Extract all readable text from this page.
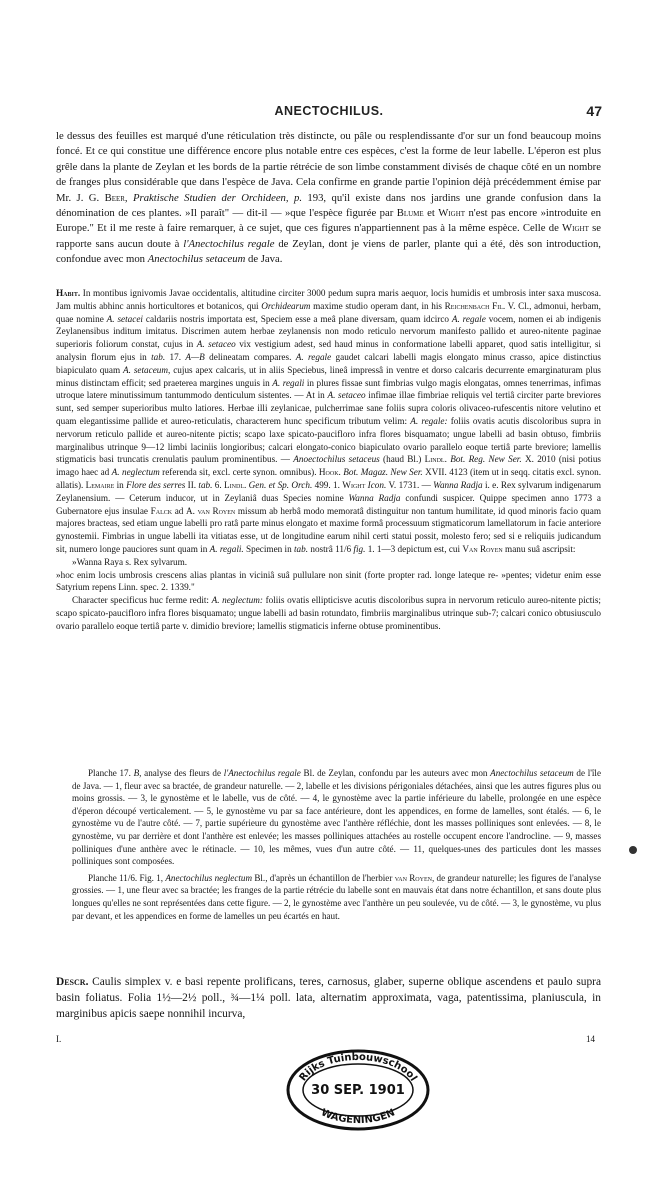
ANECTOCHILUS.	47

le dessus des feuilles est marqué d'une réticulation très distincte, ou pâle ou resplendissante d'or sur un fond beaucoup moins foncé. Et ce qui constitue une différence encore plus notable entre ces espèces, c'est la forme de leur labelle. L'éperon est plus grêle dans la plante de Zeylan et les bords de la partie rétrécie de son limbe constamment divisés de chaque côté en un nombre de franges plus considérable que dans l'espèce de Java. Cela confirme en grande partie l'opinion déjà précédemment émise par Mr. J. G. Beer, Praktische Studien der Orchideen, p. 193, qu'il existe dans nos jardins une grande confusion dans la dénomination de ces plantes. »Il paraît" — dit-il — »que l'espèce figurée par Blume et Wight n'est pas encore »introduite en Europe." Et il me reste à faire remarquer, à ce sujet, que ces figures n'appartiennent pas à la même espèce. Celle de Wight se rapporte sans aucun doute à l'Anectochilus regale de Zeylan, dont je viens de parler, plante qui a été, dès son introduction, confondue avec mon Anectochilus setaceum de Java.

Habit. In montibus ignivomis Javae occidentalis, altitudine circiter 3000 pedum supra maris aequor, locis humidis et umbrosis inter saxa muscosa. Jam multis abhinc annis horticultores et botanicos, qui Orchidearum maxime studio operam dant, in his Reichenbach Fil. V. Cl., admonui, herbam, quae nomine A. setacei caldariis nostris importata est, Speciem esse a meâ plane diversam, quam idcirco A. regale vocem, nomen ei ab indigenis Zeylanensibus inditum imitatus. Discrimen autem herbae zeylanensis non modo reticulo nervorum manifesto pallido et aureo-nitente paginae superioris foliorum constat, cujus in A. setaceo vix vestigium adest, sed haud minus in conformatione labelli apparet, quod satis intelligitur, si analysin florum ejus in tab. 17. A—B delineatam compares. A. regale gaudet calcari labelli magis elongato minus crasso, apice distinctius biapiculato quam A. setaceum, cujus apex calcaris, ut in aliis Speciebus, lineâ impressâ in ventre et dorso calcaris decurrente emarginaturam plus minus distinctam efficit; sed praeterea margines unguis in A. regali in plures fissae sunt fimbrias vulgo magis elongatas, omnes tenerrimas, infimas utroque latere minutissimum tantummodo denticulum sistentes. — At in A. setaceo infimae illae fimbriae reliquis vel tertiâ circiter parte breviores sunt, sed semper superioribus multo latiores. Herbae illi zeylanicae, pulcherrimae sane foliis supra coloris olivaceo-rufescentis nitore velutino et quam elegantissime pallide et aureo-reticulatis, characterem hunc specificum tributum velim: A. regale: foliis ovatis acutis discoloribus supra in nervorum reticulo pallide et aureo-nitente pictis; scapo laxe spicato-paucifloro infra flores bisquamato; ungue labelli ad basin obtuso, fimbriis marginalibus utrinque 9—12 limbi laciniis longioribus; calcari elongato-conico biapiculato ovario parallelo eoque tertiâ parte breviore; lamellis stigmaticis basi truncatis crenulatis paulum prominentibus. — Anoectochilus setaceus (haud Bl.) Lindl. Bot. Reg. New Ser. X. 2010 (nisi potius imago haec ad A. neglectum referenda sit, excl. certe synon. omnibus). Hook. Bot. Magaz. New Ser. XVII. 4123 (item ut in seqq. citatis excl. synon. allatis). Lemaire in Flore des serres II. tab. 6. Lindl. Gen. et Sp. Orch. 499. 1. Wight Icon. V. 1731. — Wanna Radja i. e. Rex sylvarum indigenarum Zeylanensium. — Ceterum inducor, ut in Zeylaniâ duas Species nomine Wanna Radja confundi suspicer. Quippe specimen anno 1773 a Gubernatore ejus insulae Falck ad A. van Royen missum ab herbâ modo memoratâ distinguitur non tantum humilitate, id quod minoris facio quam majores bracteas, sed etiam ungue labelli pro ratâ parte minus elongato et maxime formâ processuum stigmaticorum lamellatorum in facie anteriore gynostemii. Fimbrias in ungue labelli ita vitiatas esse, ut de longitudine earum nihil certi statui possit, molesto fero; sed si e reliquiis judicandum sit, numero longe pauciores sunt quam in A. regali. Specimen in tab. nostrâ 11/6 fig. 1. 1—3 depictum est, cui Van Royen manu suâ ascripsit:
»Wanna Raya s. Rex sylvarum.
»hoc enim locis umbrosis crescens alias plantas in viciniâ suâ pullulare non sinit (forte propter rad. longe lateque re- »pentes; videtur enim esse Satyrium repens Linn. spec. 2. 1339."
Character specificus huc ferme redit: A. neglectum: foliis ovatis ellipticisve acutis discoloribus supra in nervorum reticulo aureo-nitente pictis; scapo spicato-paucifloro infra flores bisquamato; ungue labelli ad basin rotundato, fimbriis marginalibus utrinque sub-7; calcari conico obtusiusculo ovario parallelo eoque tertiâ parte v. dimidio breviore; lamellis stigmaticis inferne obtuse prominentibus.

Planche 17. B, analyse des fleurs de l'Anectochilus regale Bl. de Zeylan, confondu par les auteurs avec mon Anectochilus setaceum de l'île de Java. — 1, fleur avec sa bractée, de grandeur naturelle. — 2, labelle et les divisions périgoniales détachées, ainsi que les autres figures plus ou moins grossis. — 3, le gynostème et le labelle, vus de côté. — 4, le gynostème avec la partie inférieure du labelle, prolongée en une espèce d'éperon découpé verticalement. — 5, le gynostème vu par sa face antérieure, dont les appendices, en forme de lamelles, sont étalés. — 6, le gynostème vu de l'autre côté. — 7, partie supérieure du gynostème avec l'anthère réfléchie, dont les masses polliniques sont enlevées. — 8, le gynostème, vu par derrière et dont l'anthère est enlevée; les masses polliniques attachées au rostelle occupent encore l'androcline. — 9, masses polliniques d'une anthère avec le rétinacle. — 10, les mêmes, vues d'un autre côté. — 11, quelques-unes des particules dont les masses polliniques sont composées.

Planche 11/6. Fig. 1, Anectochilus neglectum Bl., d'après un échantillon de l'herbier van Royen, de grandeur naturelle; les figures de l'analyse grossies. — 1, une fleur avec sa bractée; les franges de la partie rétrécie du labelle sont en mauvais état dans notre échantillon, et sans doute plus longues qu'elles ne sont représentées dans cette figure. — 2, le gynostème avec l'anthère un peu soulevée, vu de côté. — 3, le gynostème, vu plus par devant, et les appendices en forme de lamelles un peu écartés en haut.

Descr. Caulis simplex v. e basi repente prolificans, teres, carnosus, glaber, superne oblique ascendens et paulo supra basin foliatus. Folia 1½—2½ poll., ¾—1¼ poll. lata, alternatim approximata, vaga, patentissima, planiuscula, in marginibus apicis saepe nonnihil incurva,

I.	14
Rijks Tuinbouwschool
30 SEP. 1901
WAGENINGEN
